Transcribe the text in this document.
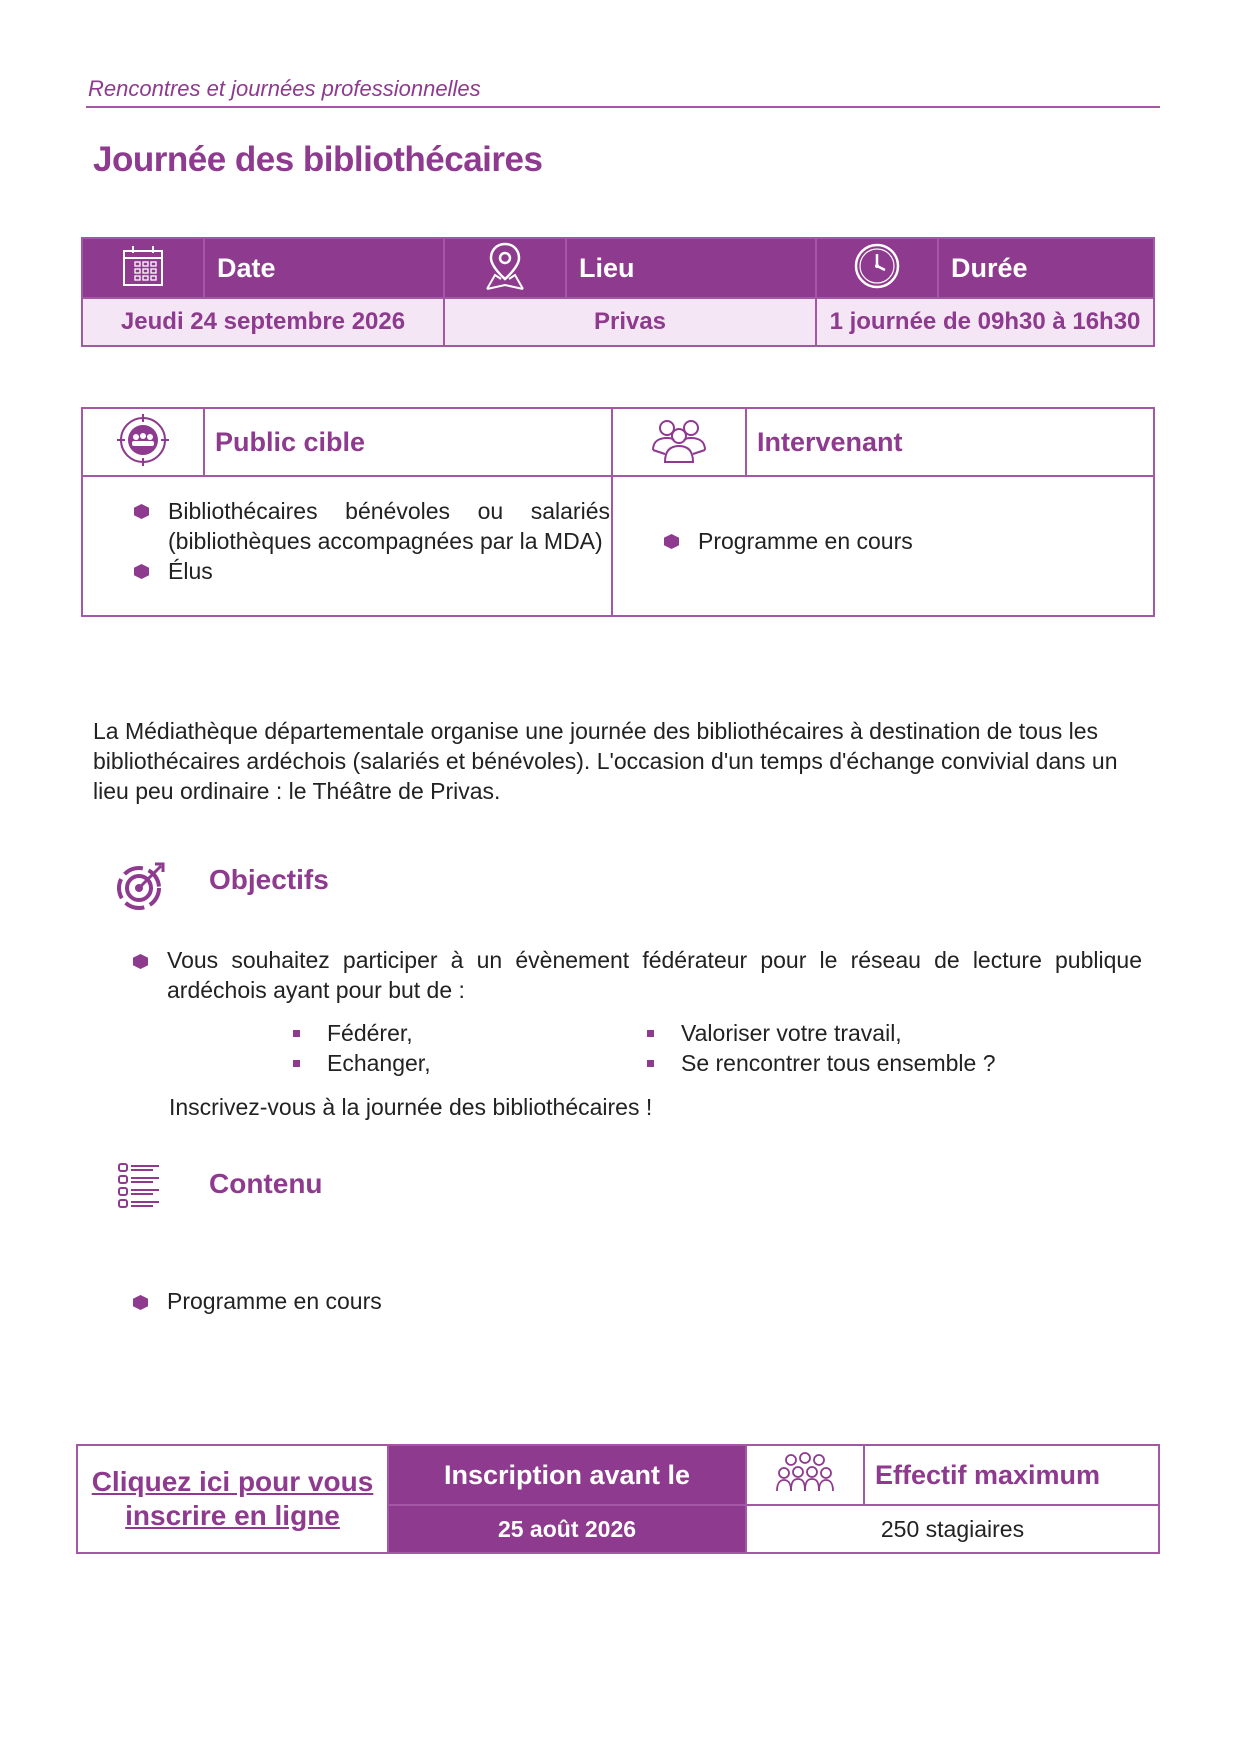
Rencontres et journées professionnelles
Journée des bibliothécaires
	Date		Lieu		Durée
Jeudi 24 septembre 2026		Privas		1 journée de 09h30 à 16h30	
	Public cible		Intervenant

Bibliothécaires bénévoles ou salariés (bibliothèques accompagnées par la MDA)
Élus		Programme en cours	
La Médiathèque départementale organise une journée des bibliothécaires à destination de tous les bibliothécaires ardéchois (salariés et bénévoles). L'occasion d'un temps d'échange convivial dans un lieu peu ordinaire : le Théâtre de Privas.
Objectifs
Vous souhaitez participer à un évènement fédérateur pour le réseau de lecture publique ardéchois ayant pour but de :
Fédérer,
Echanger,
Valoriser votre travail,
Se rencontrer tous ensemble ?
Inscrivez-vous à la journée des bibliothécaires !
Contenu
Programme en cours
Cliquez ici pour vous
inscrire en ligne	Inscription avant le		Effectif maximum
	25 août 2026	250 stagiaires	
